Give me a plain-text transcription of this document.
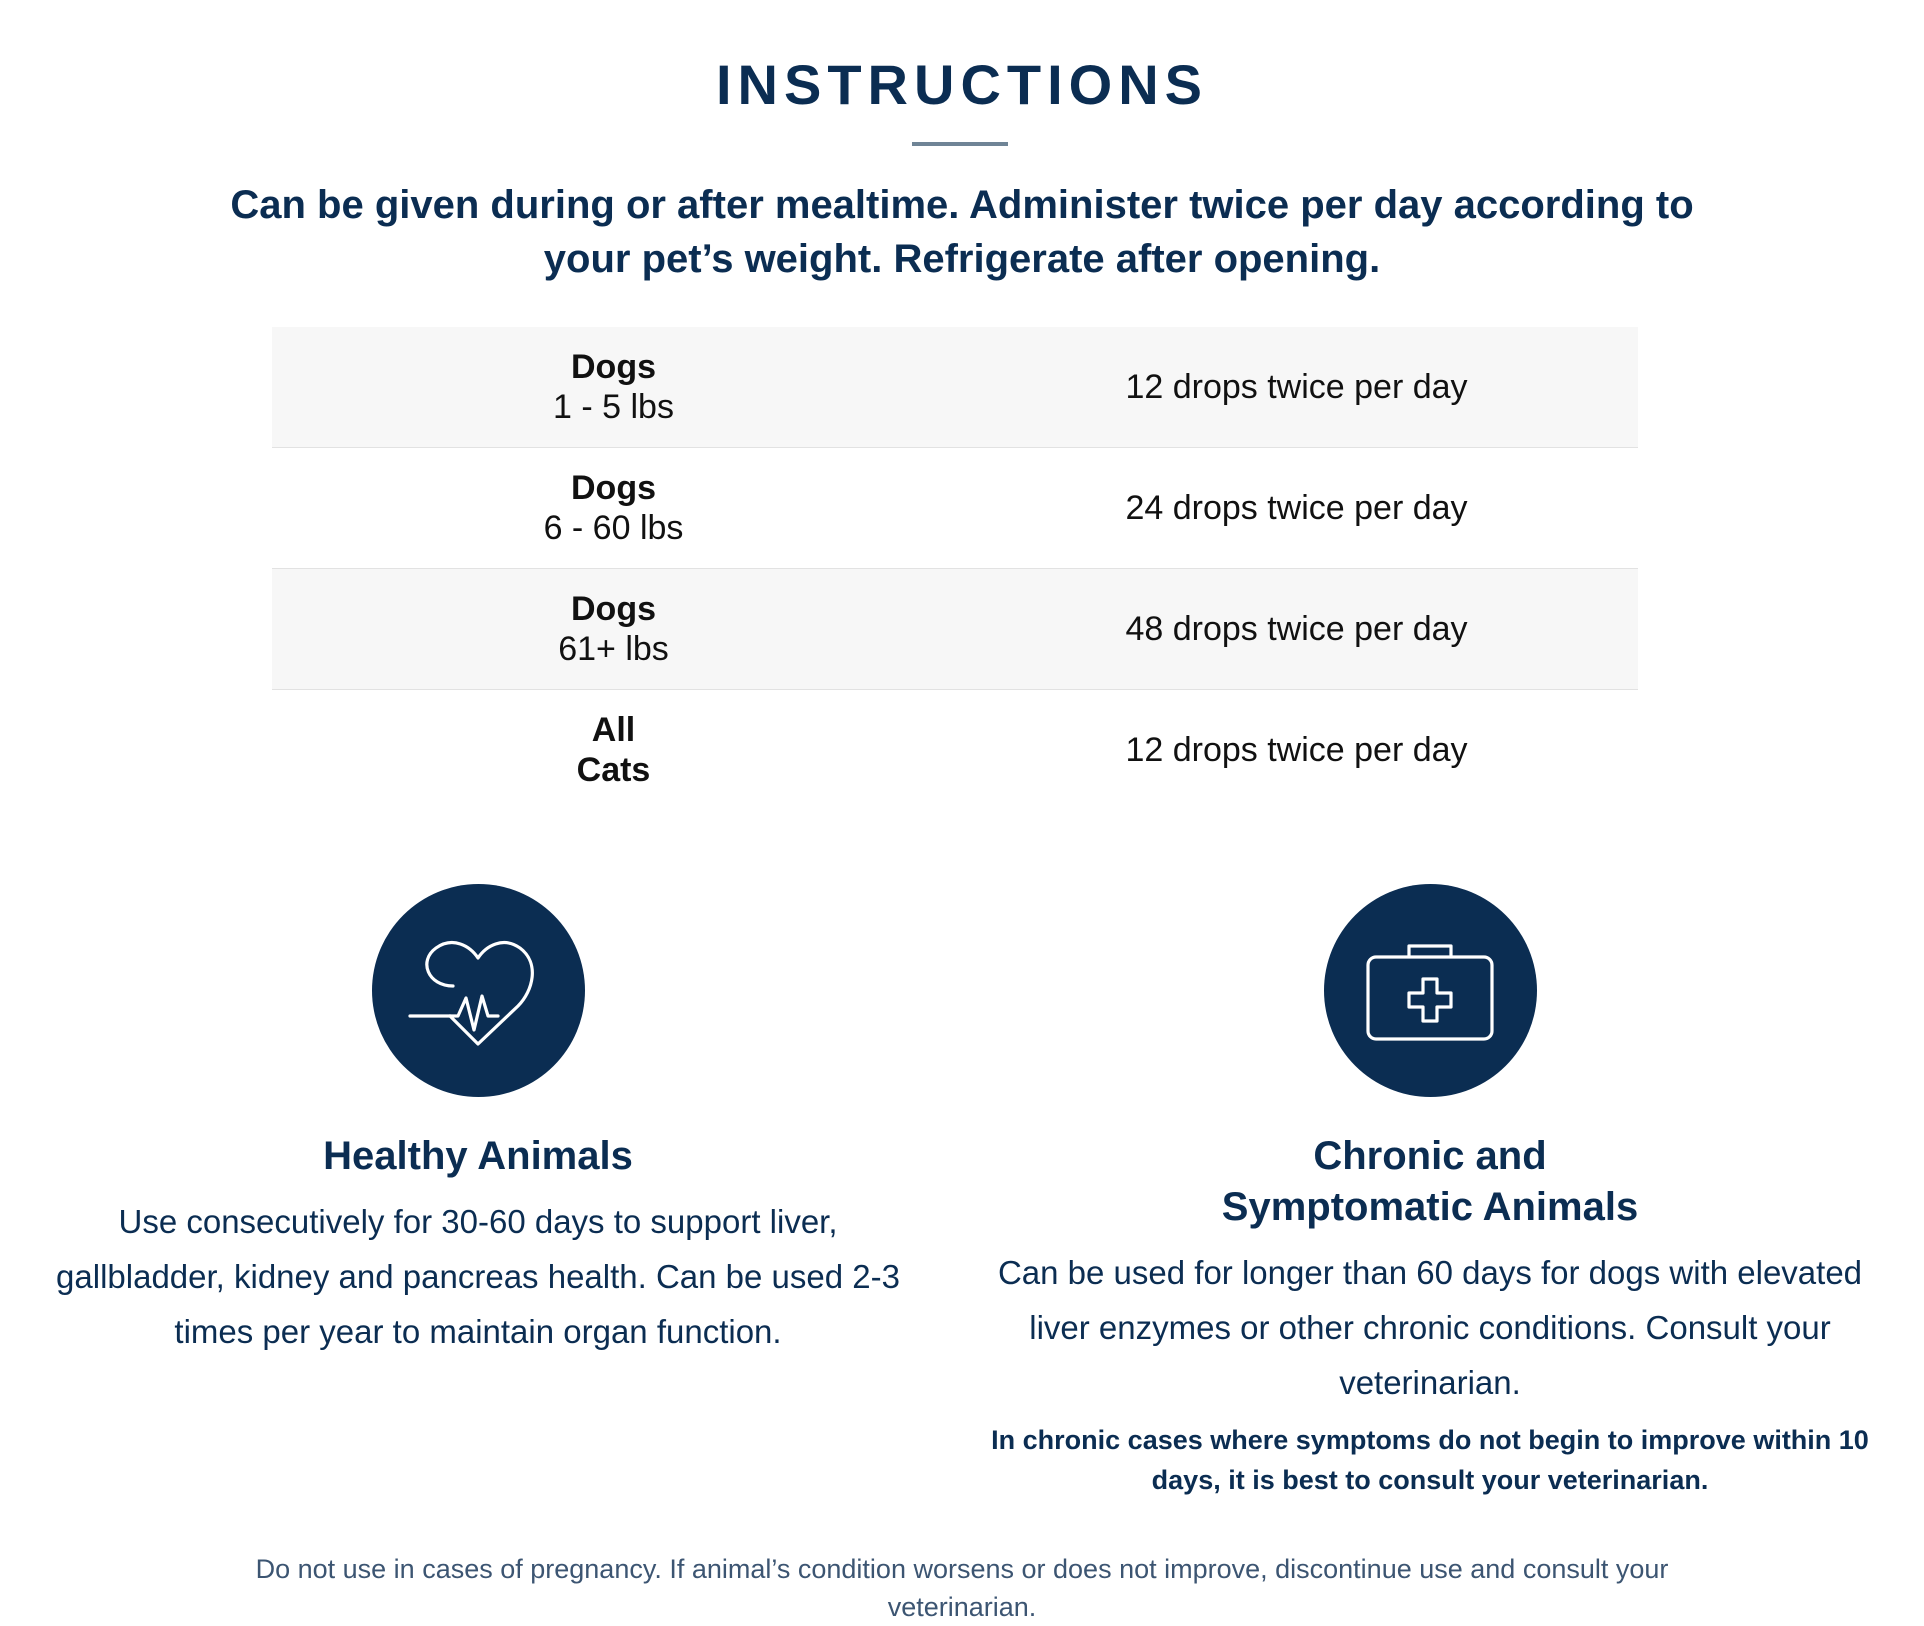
INSTRUCTIONS

Can be given during or after mealtime. Administer twice per day according to your pet’s weight. Refrigerate after opening.

Dogs
1 - 5 lbs	12 drops twice per day

Dogs
6 - 60 lbs	24 drops twice per day

Dogs
61+ lbs	48 drops twice per day

All
Cats	12 drops twice per day
Healthy Animals

Use consecutively for 30-60 days to support liver, gallbladder, kidney and pancreas health. Can be used 2-3 times per year to maintain organ function.

Chronic and
Symptomatic Animals

Can be used for longer than 60 days for dogs with elevated liver enzymes or other chronic conditions. Consult your veterinarian.

In chronic cases where symptoms do not begin to improve within 10 days, it is best to consult your veterinarian.

Do not use in cases of pregnancy. If animal’s condition worsens or does not improve, discontinue use and consult your veterinarian.
